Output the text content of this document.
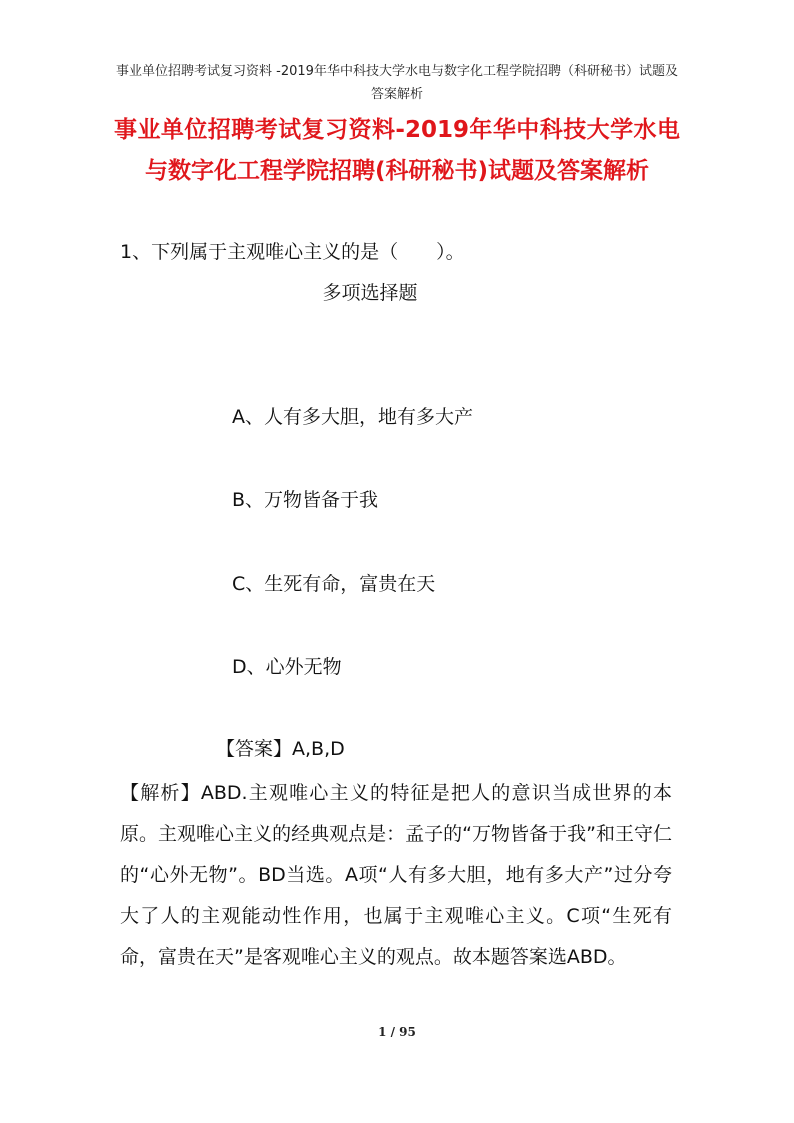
事业单位招聘考试复习资料 -2019年华中科技大学水电与数字化工程学院招聘（科研秘书）试题及答案解析
事业单位招聘考试复习资料-2019年华中科技大学水电与数字化工程学院招聘(科研秘书)试题及答案解析
1、下列属于主观唯心主义的是（　　）。
多项选择题
A、人有多大胆，地有多大产
B、万物皆备于我
C、生死有命，富贵在天
D、心外无物
【答案】A,B,D
【解析】ABD.主观唯心主义的特征是把人的意识当成世界的本原。主观唯心主义的经典观点是：孟子的“万物皆备于我”和王守仁的“心外无物”。BD当选。A项“人有多大胆，地有多大产”过分夸大了人的主观能动性作用，也属于主观唯心主义。C项“生死有命，富贵在天”是客观唯心主义的观点。故本题答案选ABD。
1 / 95
